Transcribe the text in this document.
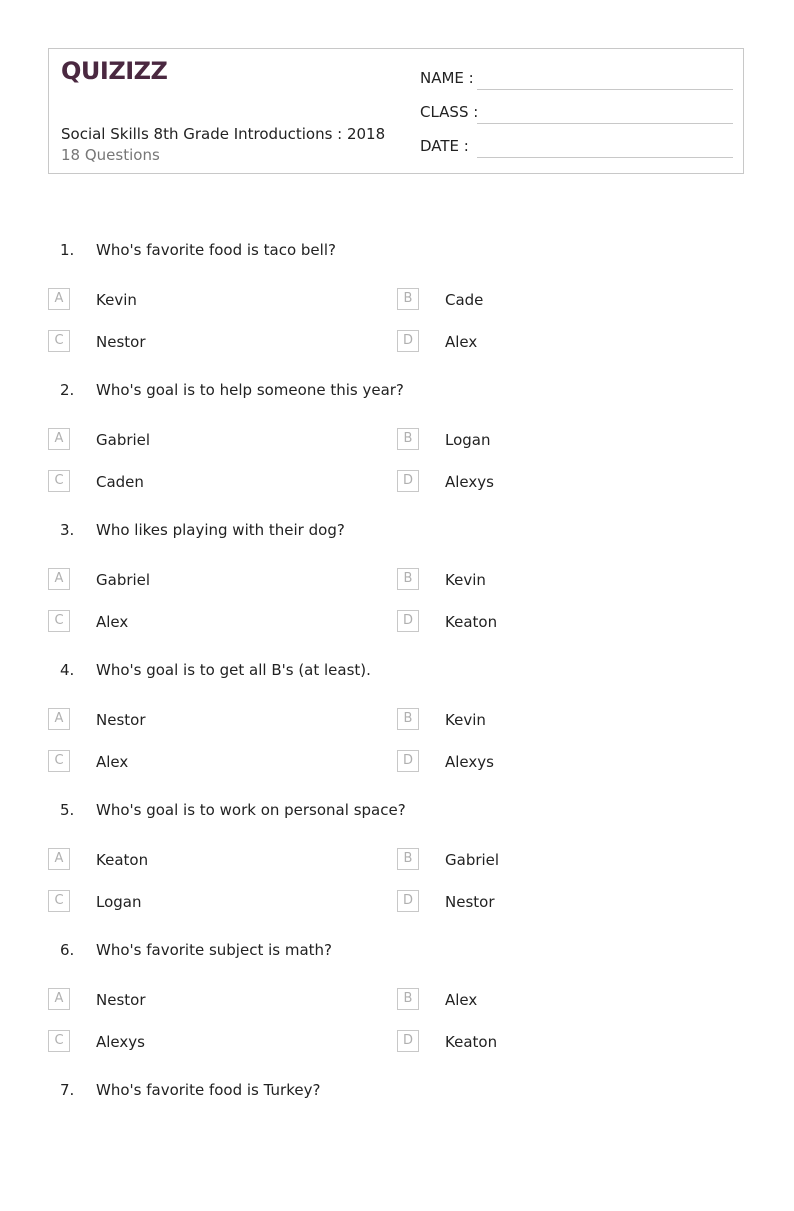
QUIZIZZ
Social Skills 8th Grade Introductions : 2018
18 Questions
NAME :
CLASS :
DATE :
1. Who's favorite food is taco bell?
A	Kevin	B	Cade
C	Nestor	D	Alex
2. Who's goal is to help someone this year?
A	Gabriel	B	Logan
C	Caden	D	Alexys
3. Who likes playing with their dog?
A	Gabriel	B	Kevin
C	Alex	D	Keaton
4. Who's goal is to get all B's (at least).
A	Nestor	B	Kevin
C	Alex	D	Alexys
5. Who's goal is to work on personal space?
A	Keaton	B	Gabriel
C	Logan	D	Nestor
6. Who's favorite subject is math?
A	Nestor	B	Alex
C	Alexys	D	Keaton
7. Who's favorite food is Turkey?
